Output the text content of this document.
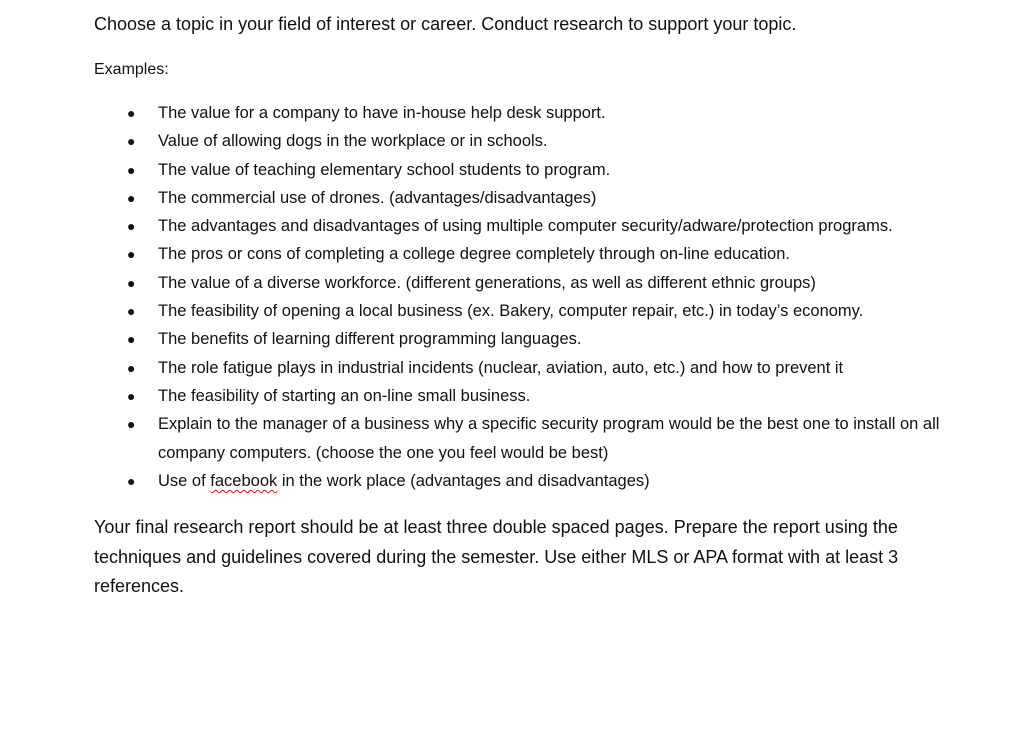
Choose a topic in your field of interest or career. Conduct research to support your topic.

Examples:

● The value for a company to have in-house help desk support.
● Value of allowing dogs in the workplace or in schools.
● The value of teaching elementary school students to program.
● The commercial use of drones. (advantages/disadvantages)
● The advantages and disadvantages of using multiple computer security/adware/protection programs.
● The pros or cons of completing a college degree completely through on-line education.
● The value of a diverse workforce. (different generations, as well as different ethnic groups)
● The feasibility of opening a local business (ex. Bakery, computer repair, etc.) in today’s economy.
● The benefits of learning different programming languages.
● The role fatigue plays in industrial incidents (nuclear, aviation, auto, etc.) and how to prevent it
● The feasibility of starting an on-line small business.
● Explain to the manager of a business why a specific security program would be the best one to install on all company computers. (choose the one you feel would be best)
● Use of facebook in the work place (advantages and disadvantages)

Your final research report should be at least three double spaced pages. Prepare the report using the techniques and guidelines covered during the semester. Use either MLS or APA format with at least 3 references.
